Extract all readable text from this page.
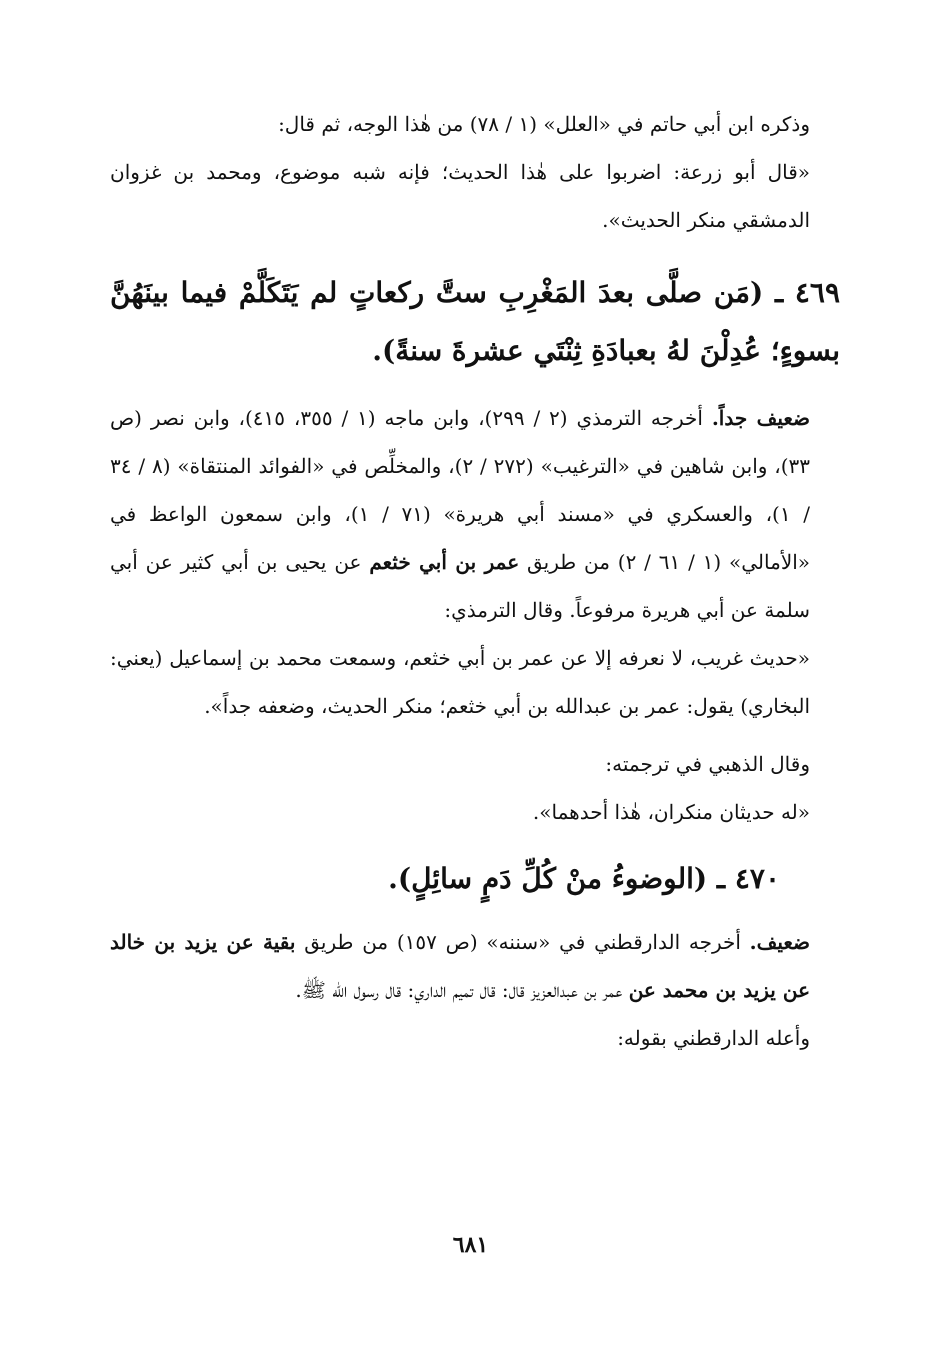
وذكره ابن أبي حاتم في «العلل» (١ / ٧٨) من هٰذا الوجه، ثم قال:

«قال أبو زرعة: اضربوا على هٰذا الحديث؛ فإنه شبه موضوع، ومحمد بن غزوان الدمشقي منكر الحديث».

٤٦٩ ـ (مَن صلَّى بعدَ المَغْرِبِ ستَّ ركعاتٍ لم يَتَكَلَّمْ فيما بينَهُنَّ بسوءٍ؛ عُدِلْنَ لهُ بعبادَةِ ثِنْتَي عشرةَ سنةً).

ضعيف جداً. أخرجه الترمذي (٢ / ٢٩٩)، وابن ماجه (١ / ٣٥٥، ٤١٥)، وابن نصر (ص ٣٣)، وابن شاهين في «الترغيب» (٢٧٢ / ٢)، والمخلِّص في «الفوائد المنتقاة» (٨ / ٣٤ / ١)، والعسكري في «مسند أبي هريرة» (٧١ / ١)، وابن سمعون الواعظ في «الأمالي» (١ / ٦١ / ٢) من طريق عمر بن أبي خثعم عن يحيى بن أبي كثير عن أبي سلمة عن أبي هريرة مرفوعاً. وقال الترمذي:

«حديث غريب، لا نعرفه إلا عن عمر بن أبي خثعم، وسمعت محمد بن إسماعيل (يعني: البخاري) يقول: عمر بن عبدالله بن أبي خثعم؛ منكر الحديث، وضعفه جداً».

وقال الذهبي في ترجمته:

«له حديثان منكران، هٰذا أحدهما».

٤٧٠ ـ (الوضوءُ منْ كُلِّ دَمٍ سائِلٍ).

ضعيف. أخرجه الدارقطني في «سننه» (ص ١٥٧) من طريق بقية عن يزيد بن خالد عن يزيد بن محمد عن عمر بن عبدالعزيز قال: قال تميم الداري: قال رسول الله ﷺ.

وأعله الدارقطني بقوله:

٦٨١
